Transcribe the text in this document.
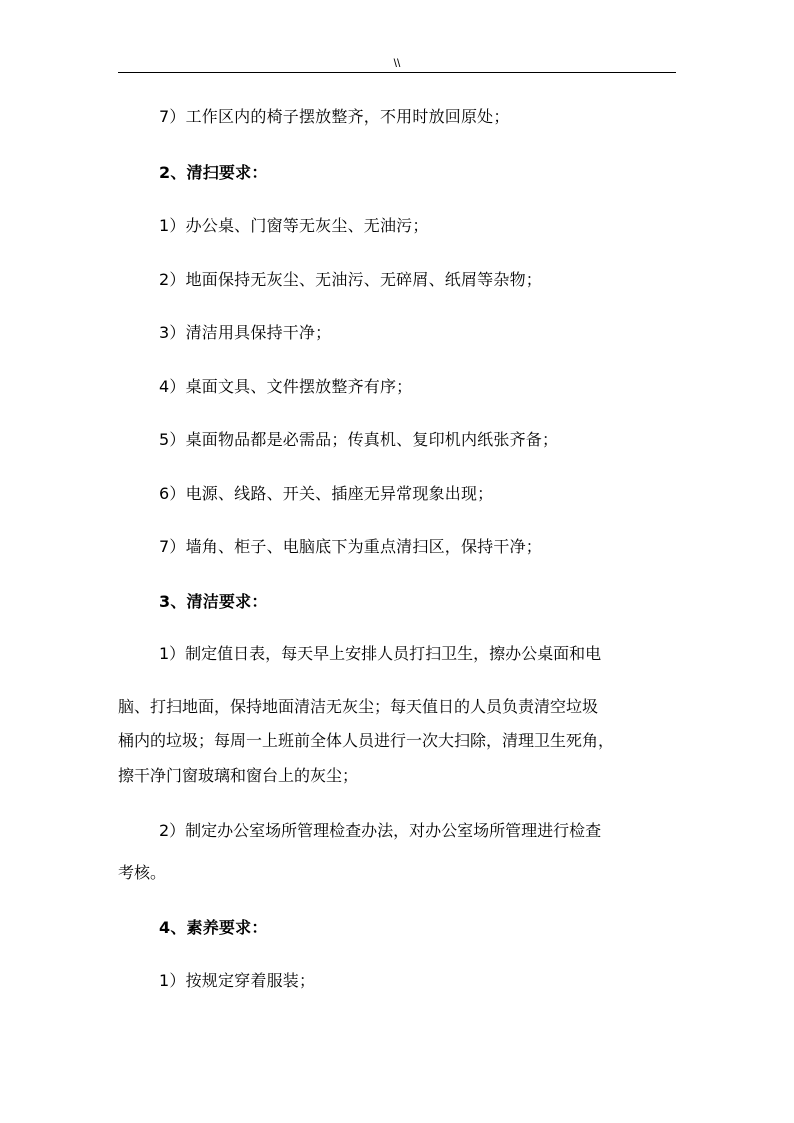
\\
7）工作区内的椅子摆放整齐，不用时放回原处；
2、清扫要求：
1）办公桌、门窗等无灰尘、无油污；
2）地面保持无灰尘、无油污、无碎屑、纸屑等杂物；
3）清洁用具保持干净；
4）桌面文具、文件摆放整齐有序；
5）桌面物品都是必需品；传真机、复印机内纸张齐备；
6）电源、线路、开关、插座无异常现象出现；
7）墙角、柜子、电脑底下为重点清扫区，保持干净；
3、清洁要求：
1）制定值日表，每天早上安排人员打扫卫生，擦办公桌面和电
脑、打扫地面，保持地面清洁无灰尘；每天值日的人员负责清空垃圾
桶内的垃圾；每周一上班前全体人员进行一次大扫除，清理卫生死角，
擦干净门窗玻璃和窗台上的灰尘；
2）制定办公室场所管理检查办法，对办公室场所管理进行检查
考核。
4、素养要求：
1）按规定穿着服装；
